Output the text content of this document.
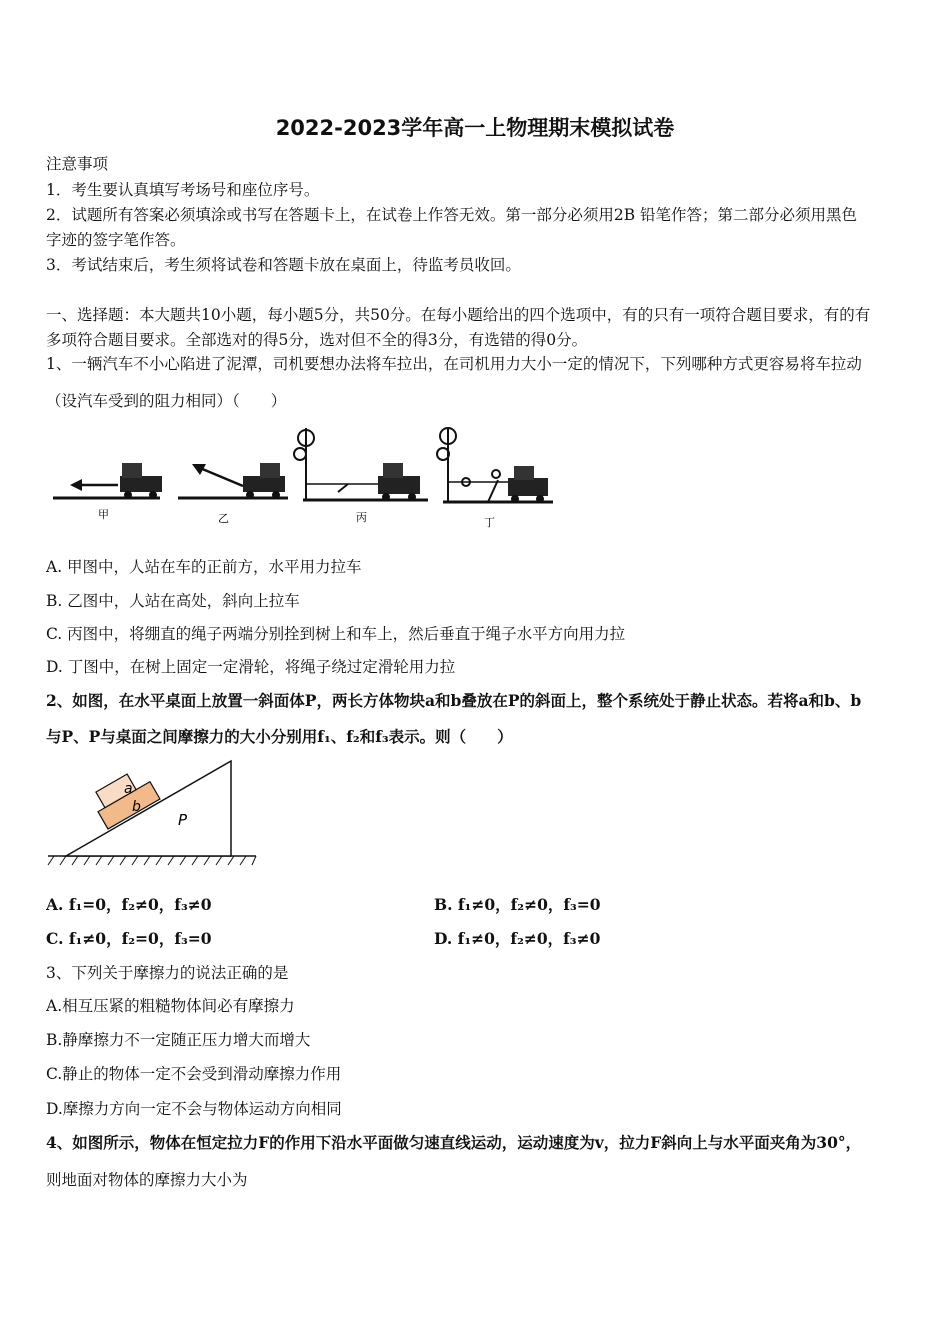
2022-2023学年高一上物理期末模拟试卷
注意事项
1．考生要认真填写考场号和座位序号。
2．试题所有答案必须填涂或书写在答题卡上，在试卷上作答无效。第一部分必须用2B 铅笔作答；第二部分必须用黑色
字迹的签字笔作答。
3．考试结束后，考生须将试卷和答题卡放在桌面上，待监考员收回。
一、选择题：本大题共10小题，每小题5分，共50分。在每小题给出的四个选项中，有的只有一项符合题目要求，有的有
多项符合题目要求。全部选对的得5分，选对但不全的得3分，有选错的得0分。
1、一辆汽车不小心陷进了泥潭，司机要想办法将车拉出，在司机用力大小一定的情况下，下列哪种方式更容易将车拉动
（设汽车受到的阻力相同）（　　）
甲	乙	丙	丁
A. 甲图中，人站在车的正前方，水平用力拉车
B. 乙图中，人站在高处，斜向上拉车
C. 丙图中，将绷直的绳子两端分别拴到树上和车上，然后垂直于绳子水平方向用力拉
D. 丁图中，在树上固定一定滑轮，将绳子绕过定滑轮用力拉
2、如图，在水平桌面上放置一斜面体P，两长方体物块a和b叠放在P的斜面上，整个系统处于静止状态。若将a和b、b
与P、P与桌面之间摩擦力的大小分别用f₁、f₂和f₃表示。则（　　）
a
b
P
A. f₁=0，f₂≠0，f₃≠0	B. f₁≠0，f₂≠0，f₃=0
C. f₁≠0，f₂=0，f₃=0	D. f₁≠0，f₂≠0，f₃≠0
3、下列关于摩擦力的说法正确的是
A.相互压紧的粗糙物体间必有摩擦力
B.静摩擦力不一定随正压力增大而增大
C.静止的物体一定不会受到滑动摩擦力作用
D.摩擦力方向一定不会与物体运动方向相同
4、如图所示，物体在恒定拉力F的作用下沿水平面做匀速直线运动，运动速度为v，拉力F斜向上与水平面夹角为30°，
则地面对物体的摩擦力大小为
